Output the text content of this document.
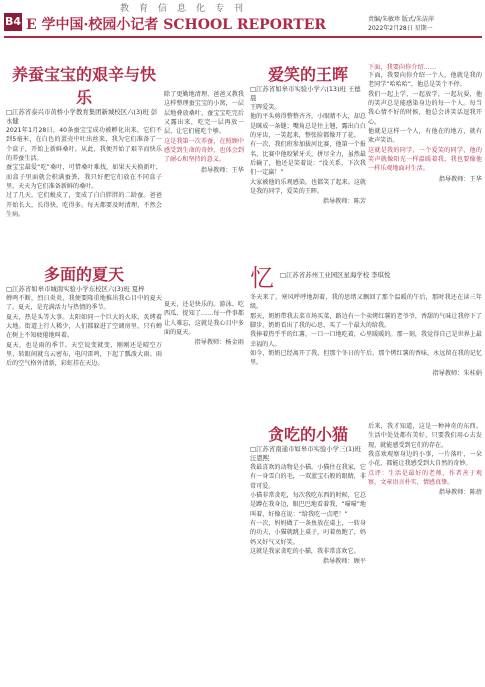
教育信息化专刊
B4 E 学中国·校园小记者 SCHOOL REPORTER	责编/朱敏珍 版式/朱洁萍
2022年2月28日 星期一
养蚕宝宝的艰辛与快乐
□江苏省泰兴市黄桥小学教育集团新城校区六(3)班 彭永健
2021年1月28日，40条蚕宝宝成功被孵化出来，它们不到5毫米，在白色的蛋壳中吐出丝来，我为它们准备了一个盒子，开始上新鲜桑叶。从此，我便开始了艰辛而快乐的养蚕生活。
蚕宝宝最爱“吃”桑叶，可惜桑叶难找，如果天天换新叶，而盒子里面就会积满蚕粪，我只好把它们放在不同盒子里，天天为它们准备新鲜的桑叶。
过了几天，它们蜕皮了，变成了白白胖胖的二龄蚕。爸爸开始长大，长得快，吃得多。每天都要及时清理，不然会生病。
除了更勤地清理，爸爸又教我这样整理蚕宝宝的小窝，一层层地叠放桑叶，蚕宝宝吃完后又露出来，吃完一层再放一层，让它们能吃个够。
这是我第一次养蚕，在照顾中感受到生命的奇妙，也体会到了耐心和坚持的意义。
指导教师：王华
多面的夏天
□江苏省如皋市城南实验小学东校区六(3)班 夏梓
蝉鸣不断，烈日炎炎，我便要隆重地推出我心目中的夏天了。夏天，是充满活力与热情的季节。
夏天，热是头等大事。太阳如同一个巨大的火球，炙烤着大地。街道上行人稀少，人们都躲进了空调房里，只有蝉在树上不知疲倦地叫着。
夏天，也是雨的季节。天空说变就变，刚刚还是晴空万里，转眼间就乌云密布，电闪雷鸣，下起了瓢泼大雨。雨后的空气格外清新，彩虹挂在天边。
夏天，还是快乐的。游泳、吃西瓜、捉知了……每一件事都让人难忘，这就是我心目中多面的夏天。
指导教师：杨金雨
爱笑的王晖
□江苏省如皋市实验小学六(13)班 王德晨
王晖爱笑。
他的平头剪得整整齐齐，小眼睛不大，却总是眯成一条缝；嘴角总是往上翘，露出白白的牙齿，一笑起来，整张脸都像开了花。
有一次，我们班参加拔河比赛，他第一个报名，比赛中他咬紧牙关，拼尽全力，虽然最后输了，他还是笑着说：“没关系，下次我们一定赢！”
大家被他的乐观感染，也都笑了起来。这就是我的同学，爱笑的王晖。
指导教师：陈芳
下面，我要向你介绍……
下面，我要向你介绍一个人，他就是我的老同学“哈哈哈”，他总是笑个不停。
我们一起上学，一起放学，一起玩耍，他的笑声总是能感染身边的每一个人。每当我心情不好的时候，他总会讲笑话逗我开心。
他就是这样一个人，有他在的地方，就有欢声笑语。
这就是我的同学，一个爱笑的同学，他的笑声就像阳光一样温暖着我，我也要像他一样乐观地面对生活。
指导教师：王华
忆 □江苏省苏州工业园区星海学校 李琪悦
冬天来了，寒风呼呼地刮着，我的思绪又飘回了那个温暖的午后，那时我还在读三年级。
那天，奶奶带我去菜市场买菜，路边有一个卖烤红薯的老爷爷，香甜的气味让我停下了脚步。奶奶看出了我的心思，买了一个最大的给我。
我捧着热乎乎的红薯，一口一口地吃着，心里暖暖的。那一刻，我觉得自己是世界上最幸福的人。
如今，奶奶已经离开了我，但那个冬日的午后，那个烤红薯的香味，永远留在我的记忆里。
指导教师：朱桂娟
贪吃的小猫
□江苏省南通市如皋市实验小学三(1)班 汪恩熙
我最喜欢的动物是小猫。小猫住在我家，它有一身雪白的毛，一双蓝宝石般的眼睛，非常可爱。
小猫非常贪吃，每次我吃东西的时候，它总是蹲在我身边，眼巴巴地看着我，“喵喵”地叫着，好像在说：“给我吃一点吧！”
有一次，妈妈做了一条鱼放在桌上，一转身的功夫，小猫就跳上桌子，叼着鱼跑了，妈妈又好气又好笑。
这就是我家贪吃的小猫，我非常喜欢它。
指导教师：顾平
后来，我才知道，这是一种神奇的东西。生活中处处都有美好，只要我们用心去发现，就能感受到它们的存在。
我喜欢观察身边的小事，一片落叶，一朵小花，都能让我感受到大自然的奇妙。
点评：生活是最好的老师，作者善于观察，文章语言朴实，情感真挚。
指导教师：陈蓓
